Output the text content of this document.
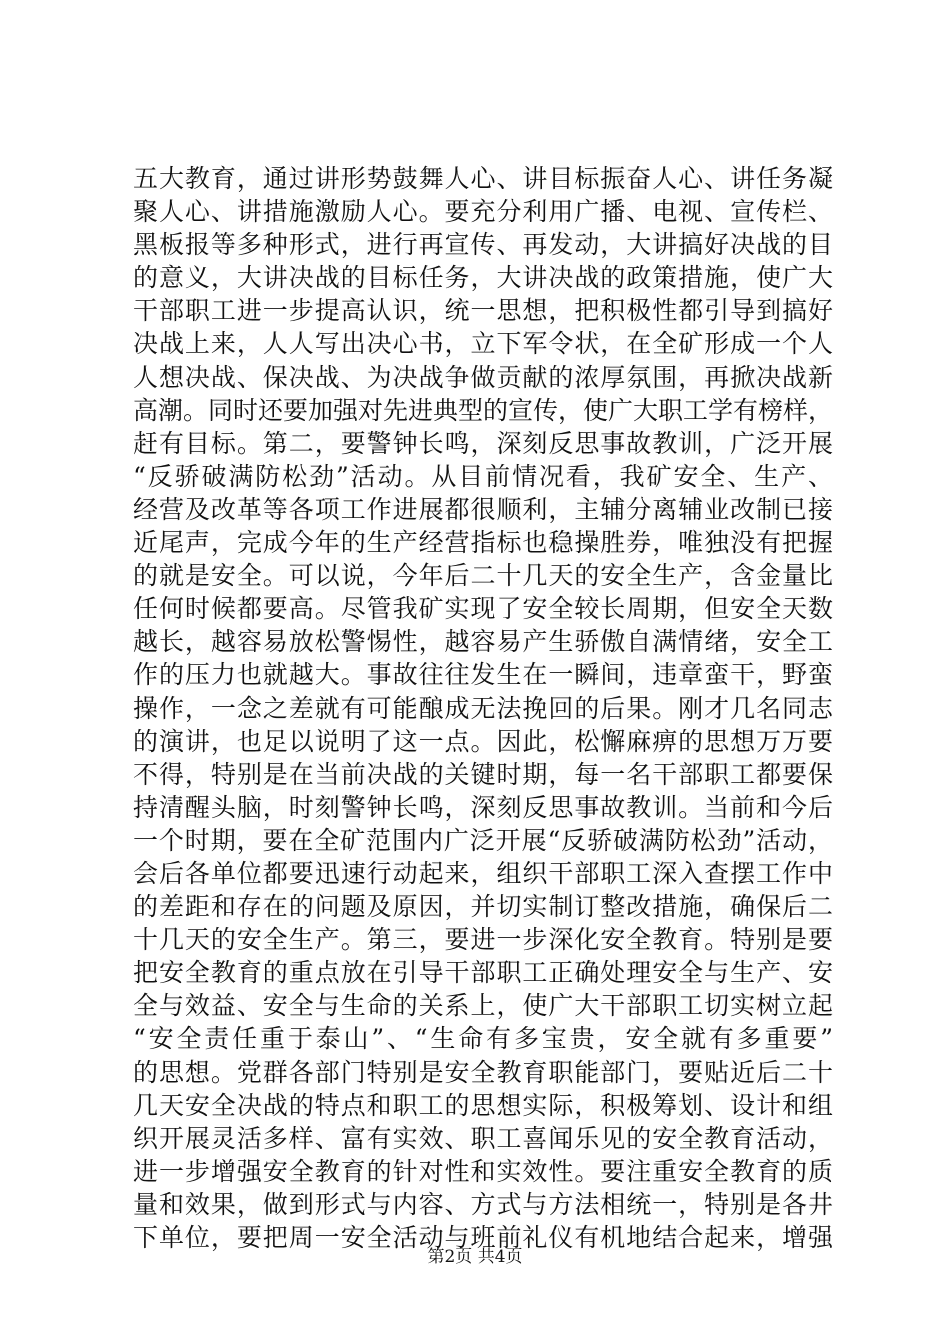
五大教育，通过讲形势鼓舞人心、讲目标振奋人心、讲任务凝
聚人心、讲措施激励人心。要充分利用广播、电视、宣传栏、
黑板报等多种形式，进行再宣传、再发动，大讲搞好决战的目
的意义，大讲决战的目标任务，大讲决战的政策措施，使广大
干部职工进一步提高认识，统一思想，把积极性都引导到搞好
决战上来，人人写出决心书，立下军令状，在全矿形成一个人
人想决战、保决战、为决战争做贡献的浓厚氛围，再掀决战新
高潮。同时还要加强对先进典型的宣传，使广大职工学有榜样，
赶有目标。第二，要警钟长鸣，深刻反思事故教训，广泛开展
“反骄破满防松劲”活动。从目前情况看，我矿安全、生产、
经营及改革等各项工作进展都很顺利，主辅分离辅业改制已接
近尾声，完成今年的生产经营指标也稳操胜券，唯独没有把握
的就是安全。可以说，今年后二十几天的安全生产，含金量比
任何时候都要高。尽管我矿实现了安全较长周期，但安全天数
越长，越容易放松警惕性，越容易产生骄傲自满情绪，安全工
作的压力也就越大。事故往往发生在一瞬间，违章蛮干，野蛮
操作，一念之差就有可能酿成无法挽回的后果。刚才几名同志
的演讲，也足以说明了这一点。因此，松懈麻痹的思想万万要
不得，特别是在当前决战的关键时期，每一名干部职工都要保
持清醒头脑，时刻警钟长鸣，深刻反思事故教训。当前和今后
一个时期，要在全矿范围内广泛开展“反骄破满防松劲”活动，
会后各单位都要迅速行动起来，组织干部职工深入查摆工作中
的差距和存在的问题及原因，并切实制订整改措施，确保后二
十几天的安全生产。第三，要进一步深化安全教育。特别是要
把安全教育的重点放在引导干部职工正确处理安全与生产、安
全与效益、安全与生命的关系上，使广大干部职工切实树立起
“安全责任重于泰山”、“生命有多宝贵，安全就有多重要”
的思想。党群各部门特别是安全教育职能部门，要贴近后二十
几天安全决战的特点和职工的思想实际，积极筹划、设计和组
织开展灵活多样、富有实效、职工喜闻乐见的安全教育活动，
进一步增强安全教育的针对性和实效性。要注重安全教育的质
量和效果，做到形式与内容、方式与方法相统一，特别是各井
下单位，要把周一安全活动与班前礼仪有机地结合起来，增强
第2页 共4页
